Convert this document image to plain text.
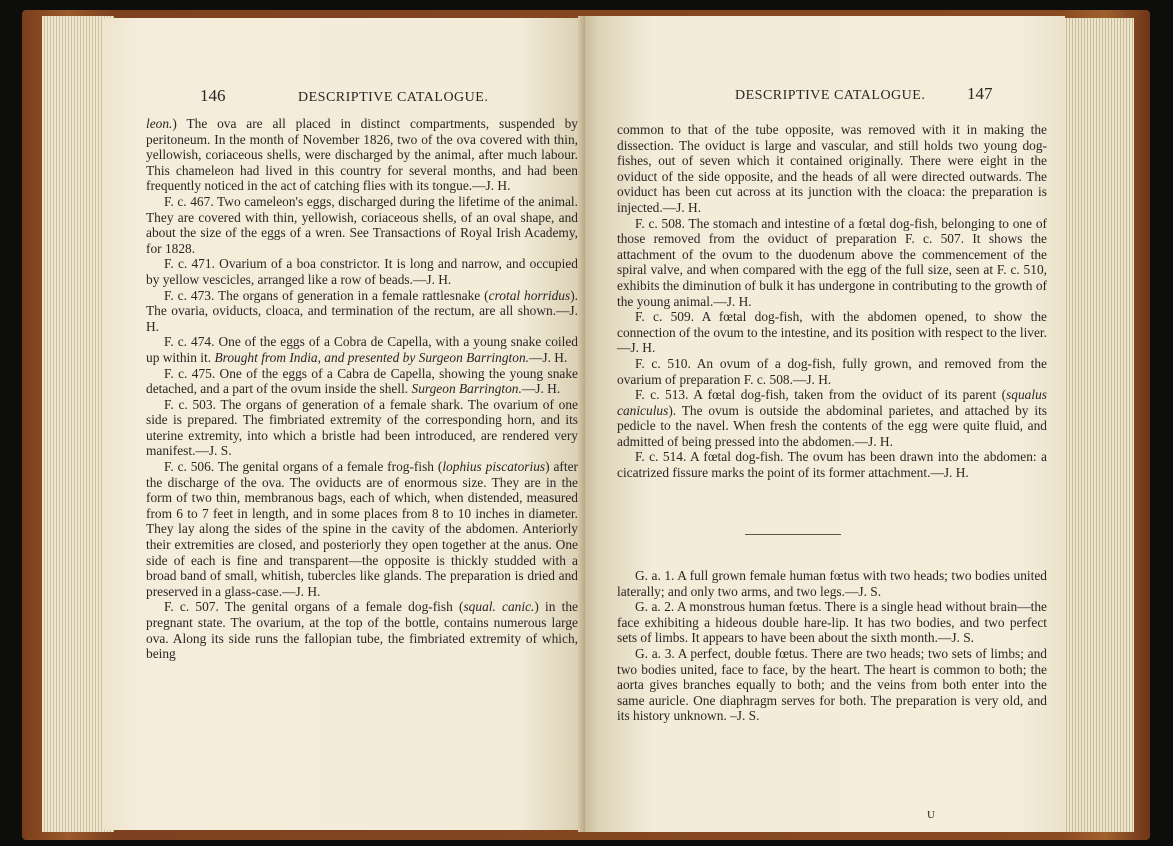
146	DESCRIPTIVE CATALOGUE.

leon.) The ova are all placed in distinct compartments, suspended by peritoneum. In the month of November 1826, two of the ova covered with thin, yellowish, coriaceous shells, were discharged by the animal, after much labour. This chameleon had lived in this country for several months, and had been frequently noticed in the act of catching flies with its tongue.—J. H.

F. c. 467. Two cameleon's eggs, discharged during the lifetime of the animal. They are covered with thin, yellowish, coriaceous shells, of an oval shape, and about the size of the eggs of a wren. See Transactions of Royal Irish Academy, for 1828.

F. c. 471. Ovarium of a boa constrictor. It is long and narrow, and occupied by yellow vescicles, arranged like a row of beads.—J. H.

F. c. 473. The organs of generation in a female rattlesnake (crotal horridus). The ovaria, oviducts, cloaca, and termination of the rectum, are all shown.—J. H.

F. c. 474. One of the eggs of a Cobra de Capella, with a young snake coiled up within it. Brought from India, and presented by Surgeon Barrington.—J. H.

F. c. 475. One of the eggs of a Cabra de Capella, showing the young snake detached, and a part of the ovum inside the shell. Surgeon Barrington.—J. H.

F. c. 503. The organs of generation of a female shark. The ovarium of one side is prepared. The fimbriated extremity of the corresponding horn, and its uterine extremity, into which a bristle had been introduced, are rendered very manifest.—J. S.

F. c. 506. The genital organs of a female frog-fish (lophius piscatorius) after the discharge of the ova. The oviducts are of enormous size. They are in the form of two thin, membranous bags, each of which, when distended, measured from 6 to 7 feet in length, and in some places from 8 to 10 inches in diameter. They lay along the sides of the spine in the cavity of the abdomen. Anteriorly their extremities are closed, and posteriorly they open together at the anus. One side of each is fine and transparent—the opposite is thickly studded with a broad band of small, whitish, tubercles like glands. The preparation is dried and preserved in a glass-case.—J. H.

F. c. 507. The genital organs of a female dog-fish (squal. canic.) in the pregnant state. The ovarium, at the top of the bottle, contains numerous large ova. Along its side runs the fallopian tube, the fimbriated extremity of which, being

DESCRIPTIVE CATALOGUE. 147

common to that of the tube opposite, was removed with it in making the dissection. The oviduct is large and vascular, and still holds two young dog-fishes, out of seven which it contained originally. There were eight in the oviduct of the side opposite, and the heads of all were directed outwards. The oviduct has been cut across at its junction with the cloaca: the preparation is injected.—J. H.

F. c. 508. The stomach and intestine of a fœtal dog-fish, belonging to one of those removed from the oviduct of preparation F. c. 507. It shows the attachment of the ovum to the duodenum above the commencement of the spiral valve, and when compared with the egg of the full size, seen at F. c. 510, exhibits the diminution of bulk it has undergone in contributing to the growth of the young animal.—J. H.

F. c. 509. A fœtal dog-fish, with the abdomen opened, to show the connection of the ovum to the intestine, and its position with respect to the liver.—J. H.

F. c. 510. An ovum of a dog-fish, fully grown, and removed from the ovarium of preparation F. c. 508.—J. H.

F. c. 513. A fœtal dog-fish, taken from the oviduct of its parent (squalus caniculus). The ovum is outside the abdominal parietes, and attached by its pedicle to the navel. When fresh the contents of the egg were quite fluid, and admitted of being pressed into the abdomen.—J. H.

F. c. 514. A fœtal dog-fish. The ovum has been drawn into the abdomen: a cicatrized fissure marks the point of its former attachment.—J. H.

G. a. 1. A full grown female human fœtus with two heads; two bodies united laterally; and only two arms, and two legs.—J. S.

G. a. 2. A monstrous human fœtus. There is a single head without brain—the face exhibiting a hideous double hare-lip. It has two bodies, and two perfect sets of limbs. It appears to have been about the sixth month.—J. S.

G. a. 3. A perfect, double fœtus. There are two heads; two sets of limbs; and two bodies united, face to face, by the heart. The heart is common to both; the aorta gives branches equally to both; and the veins from both enter into the same auricle. One diaphragm serves for both. The preparation is very old, and its history unknown. –J. S.

U
